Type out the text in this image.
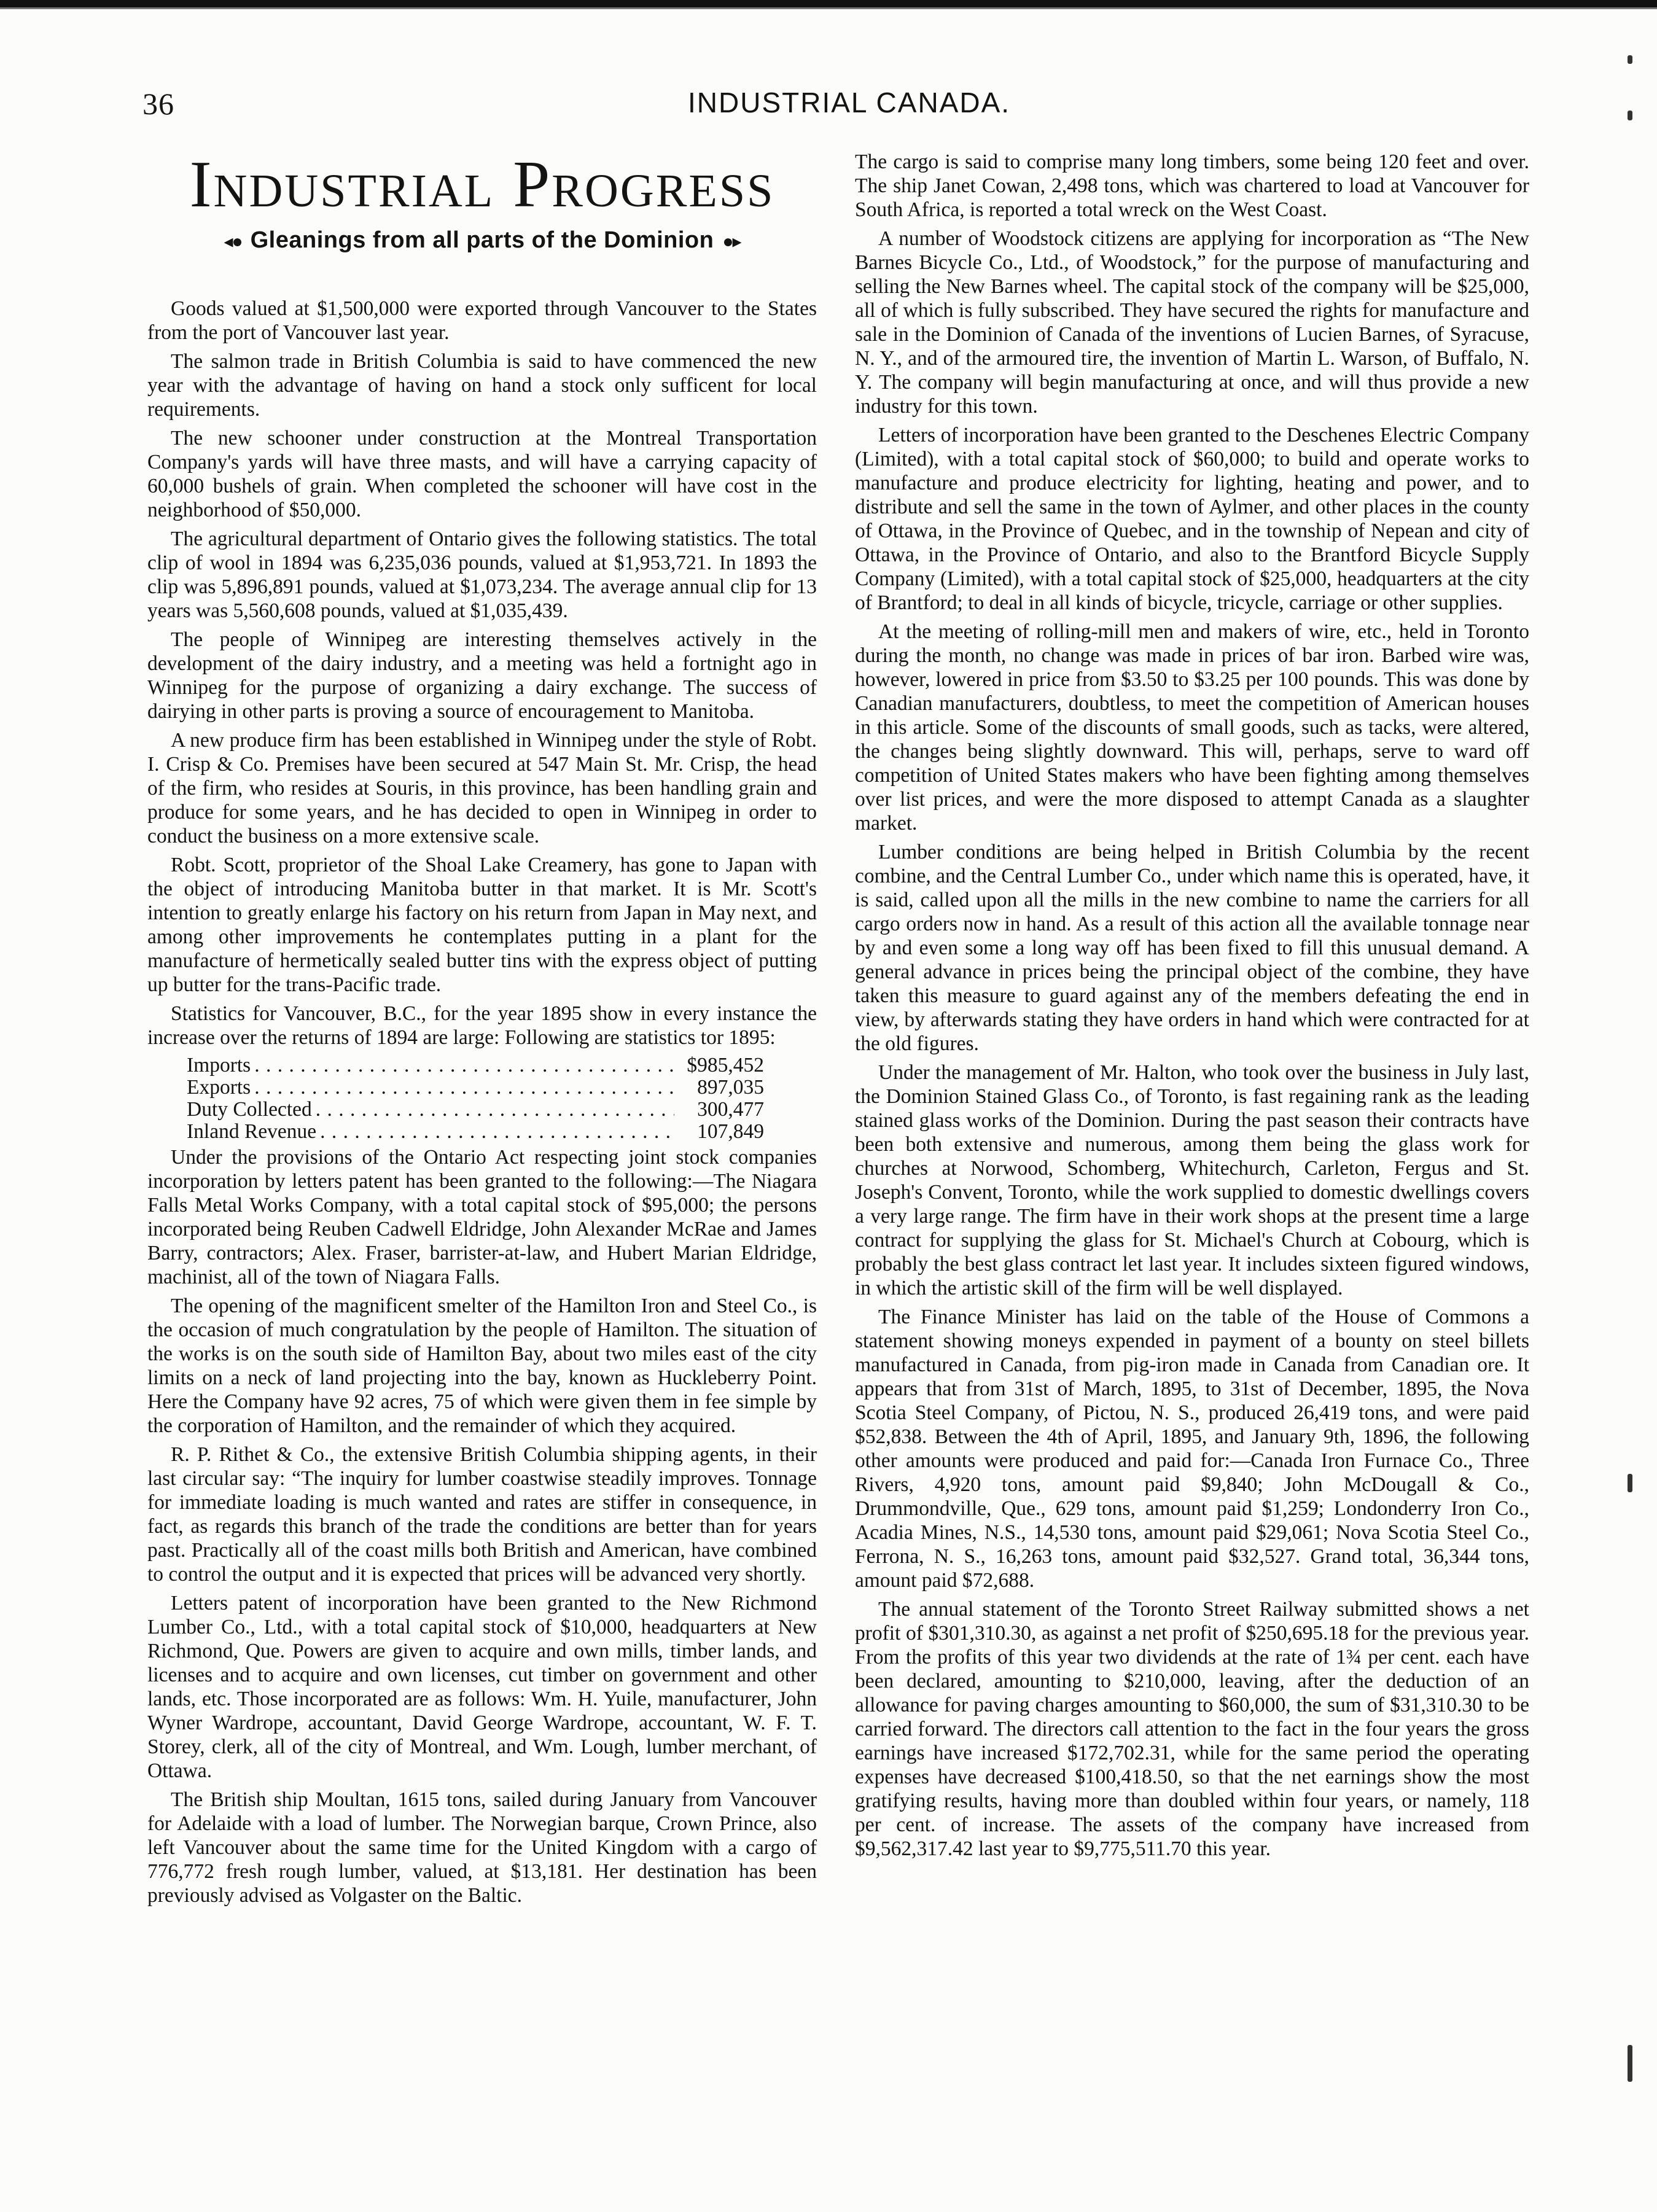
36	INDUSTRIAL CANADA.
Industrial Progress
◂● Gleanings from all parts of the Dominion ●▸

Goods valued at $1,500,000 were exported through Vancouver to the States from the port of Vancouver last year.

The salmon trade in British Columbia is said to have commenced the new year with the advantage of having on hand a stock only sufficent for local requirements.

The new schooner under construction at the Montreal Transportation Company's yards will have three masts, and will have a carrying capacity of 60,000 bushels of grain. When completed the schooner will have cost in the neighborhood of $50,000.

The agricultural department of Ontario gives the following statistics. The total clip of wool in 1894 was 6,235,036 pounds, valued at $1,953,721. In 1893 the clip was 5,896,891 pounds, valued at $1,073,234. The average annual clip for 13 years was 5,560,608 pounds, valued at $1,035,439.

The people of Winnipeg are interesting themselves actively in the development of the dairy industry, and a meeting was held a fortnight ago in Winnipeg for the purpose of organizing a dairy exchange. The success of dairying in other parts is proving a source of encouragement to Manitoba.

A new produce firm has been established in Winnipeg under the style of Robt. I. Crisp & Co. Premises have been secured at 547 Main St. Mr. Crisp, the head of the firm, who resides at Souris, in this province, has been handling grain and produce for some years, and he has decided to open in Winnipeg in order to conduct the business on a more extensive scale.

Robt. Scott, proprietor of the Shoal Lake Creamery, has gone to Japan with the object of introducing Manitoba butter in that market. It is Mr. Scott's intention to greatly enlarge his factory on his return from Japan in May next, and among other improvements he contemplates putting in a plant for the manufacture of hermetically sealed butter tins with the express object of putting up butter for the trans-Pacific trade.

Statistics for Vancouver, B.C., for the year 1895 show in every instance the increase over the returns of 1894 are large: Following are statistics tor 1895:

Imports . . .	$985,452
Exports . . .	897,035
Duty Collected . . .	300,477
Inland Revenue . . .	107,849

Under the provisions of the Ontario Act respecting joint stock companies incorporation by letters patent has been granted to the following:—The Niagara Falls Metal Works Company, with a total capital stock of $95,000; the persons incorporated being Reuben Cadwell Eldridge, John Alexander McRae and James Barry, contractors; Alex. Fraser, barrister-at-law, and Hubert Marian Eldridge, machinist, all of the town of Niagara Falls.

The opening of the magnificent smelter of the Hamilton Iron and Steel Co., is the occasion of much congratulation by the people of Hamilton. The situation of the works is on the south side of Hamilton Bay, about two miles east of the city limits on a neck of land projecting into the bay, known as Huckleberry Point. Here the Company have 92 acres, 75 of which were given them in fee simple by the corporation of Hamilton, and the remainder of which they acquired.

R. P. Rithet & Co., the extensive British Columbia shipping agents, in their last circular say: “The inquiry for lumber coastwise steadily improves. Tonnage for immediate loading is much wanted and rates are stiffer in consequence, in fact, as regards this branch of the trade the conditions are better than for years past. Practically all of the coast mills both British and American, have combined to control the output and it is expected that prices will be advanced very shortly.

Letters patent of incorporation have been granted to the New Richmond Lumber Co., Ltd., with a total capital stock of $10,000, headquarters at New Richmond, Que. Powers are given to acquire and own mills, timber lands, and licenses and to acquire and own licenses, cut timber on government and other lands, etc. Those incorporated are as follows: Wm. H. Yuile, manufacturer, John Wyner Wardrope, accountant, David George Wardrope, accountant, W. F. T. Storey, clerk, all of the city of Montreal, and Wm. Lough, lumber merchant, of Ottawa.

The British ship Moultan, 1615 tons, sailed during January from Vancouver for Adelaide with a load of lumber. The Norwegian barque, Crown Prince, also left Vancouver about the same time for the United Kingdom with a cargo of 776,772 fresh rough lumber, valued, at $13,181. Her destination has been previously advised as Volgaster on the Baltic.

The cargo is said to comprise many long timbers, some being 120 feet and over. The ship Janet Cowan, 2,498 tons, which was chartered to load at Vancouver for South Africa, is reported a total wreck on the West Coast.

A number of Woodstock citizens are applying for incorporation as “The New Barnes Bicycle Co., Ltd., of Woodstock,” for the purpose of manufacturing and selling the New Barnes wheel. The capital stock of the company will be $25,000, all of which is fully subscribed. They have secured the rights for manufacture and sale in the Dominion of Canada of the inventions of Lucien Barnes, of Syracuse, N. Y., and of the armoured tire, the invention of Martin L. Warson, of Buffalo, N. Y. The company will begin manufacturing at once, and will thus provide a new industry for this town.

Letters of incorporation have been granted to the Deschenes Electric Company (Limited), with a total capital stock of $60,000; to build and operate works to manufacture and produce electricity for lighting, heating and power, and to distribute and sell the same in the town of Aylmer, and other places in the county of Ottawa, in the Province of Quebec, and in the township of Nepean and city of Ottawa, in the Province of Ontario, and also to the Brantford Bicycle Supply Company (Limited), with a total capital stock of $25,000, headquarters at the city of Brantford; to deal in all kinds of bicycle, tricycle, carriage or other supplies.

At the meeting of rolling-mill men and makers of wire, etc., held in Toronto during the month, no change was made in prices of bar iron. Barbed wire was, however, lowered in price from $3.50 to $3.25 per 100 pounds. This was done by Canadian manufacturers, doubtless, to meet the competition of American houses in this article. Some of the discounts of small goods, such as tacks, were altered, the changes being slightly downward. This will, perhaps, serve to ward off competition of United States makers who have been fighting among themselves over list prices, and were the more disposed to attempt Canada as a slaughter market.

Lumber conditions are being helped in British Columbia by the recent combine, and the Central Lumber Co., under which name this is operated, have, it is said, called upon all the mills in the new combine to name the carriers for all cargo orders now in hand. As a result of this action all the available tonnage near by and even some a long way off has been fixed to fill this unusual demand. A general advance in prices being the principal object of the combine, they have taken this measure to guard against any of the members defeating the end in view, by afterwards stating they have orders in hand which were contracted for at the old figures.

Under the management of Mr. Halton, who took over the business in July last, the Dominion Stained Glass Co., of Toronto, is fast regaining rank as the leading stained glass works of the Dominion. During the past season their contracts have been both extensive and numerous, among them being the glass work for churches at Norwood, Schomberg, Whitechurch, Carleton, Fergus and St. Joseph's Convent, Toronto, while the work supplied to domestic dwellings covers a very large range. The firm have in their work shops at the present time a large contract for supplying the glass for St. Michael's Church at Cobourg, which is probably the best glass contract let last year. It includes sixteen figured windows, in which the artistic skill of the firm will be well displayed.

The Finance Minister has laid on the table of the House of Commons a statement showing moneys expended in payment of a bounty on steel billets manufactured in Canada, from pig-iron made in Canada from Canadian ore. It appears that from 31st of March, 1895, to 31st of December, 1895, the Nova Scotia Steel Company, of Pictou, N. S., produced 26,419 tons, and were paid $52,838. Between the 4th of April, 1895, and January 9th, 1896, the following other amounts were produced and paid for:—Canada Iron Furnace Co., Three Rivers, 4,920 tons, amount paid $9,840; John McDougall & Co., Drummondville, Que., 629 tons, amount paid $1,259; Londonderry Iron Co., Acadia Mines, N.S., 14,530 tons, amount paid $29,061; Nova Scotia Steel Co., Ferrona, N. S., 16,263 tons, amount paid $32,527. Grand total, 36,344 tons, amount paid $72,688.

The annual statement of the Toronto Street Railway submitted shows a net profit of $301,310.30, as against a net profit of $250,695.18 for the previous year. From the profits of this year two dividends at the rate of 1¾ per cent. each have been declared, amounting to $210,000, leaving, after the deduction of an allowance for paving charges amounting to $60,000, the sum of $31,310.30 to be carried forward. The directors call attention to the fact in the four years the gross earnings have increased $172,702.31, while for the same period the operating expenses have decreased $100,418.50, so that the net earnings show the most gratifying results, having more than doubled within four years, or namely, 118 per cent. of increase. The assets of the company have increased from $9,562,317.42 last year to $9,775,511.70 this year.
